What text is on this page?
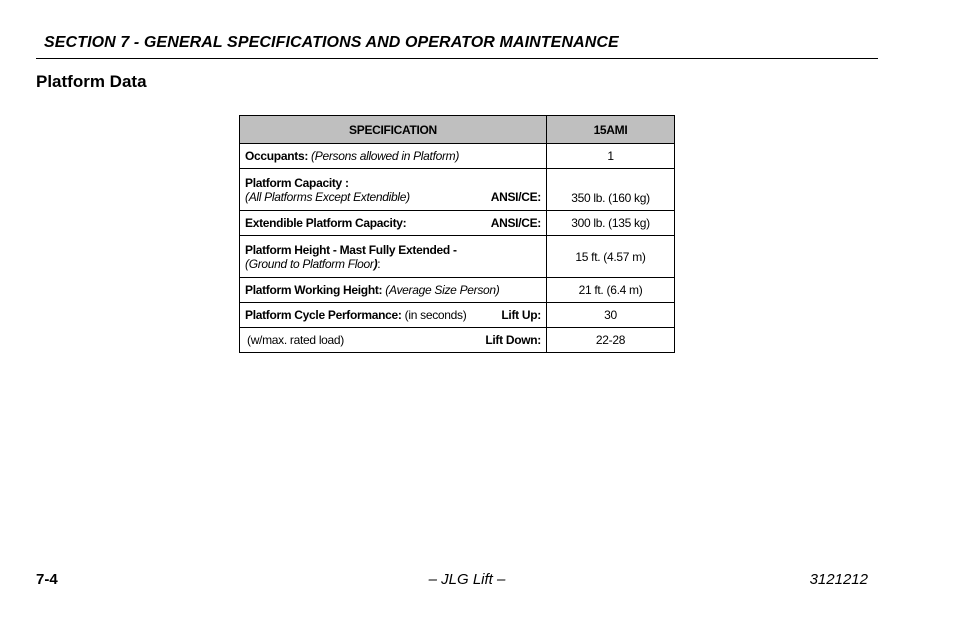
SECTION 7 - GENERAL SPECIFICATIONS AND OPERATOR MAINTENANCE
Platform Data
SPECIFICATION	15AMI
Occupants: (Persons allowed in Platform)	1

Platform Capacity :
(All Platforms Except Extendible) ANSI/CE:	350 lb. (160 kg)

Extendible Platform Capacity: ANSI/CE:	300 lb. (135 kg)

Platform Height - Mast Fully Extended -
(Ground to Platform Floor):	15 ft. (4.57 m)
Platform Working Height: (Average Size Person)	21 ft. (6.4 m)

Platform Cycle Performance: (in seconds) Lift Up:	30

(w/max. rated load) Lift Down:	22-28
7-4	– JLG Lift –	3121212
